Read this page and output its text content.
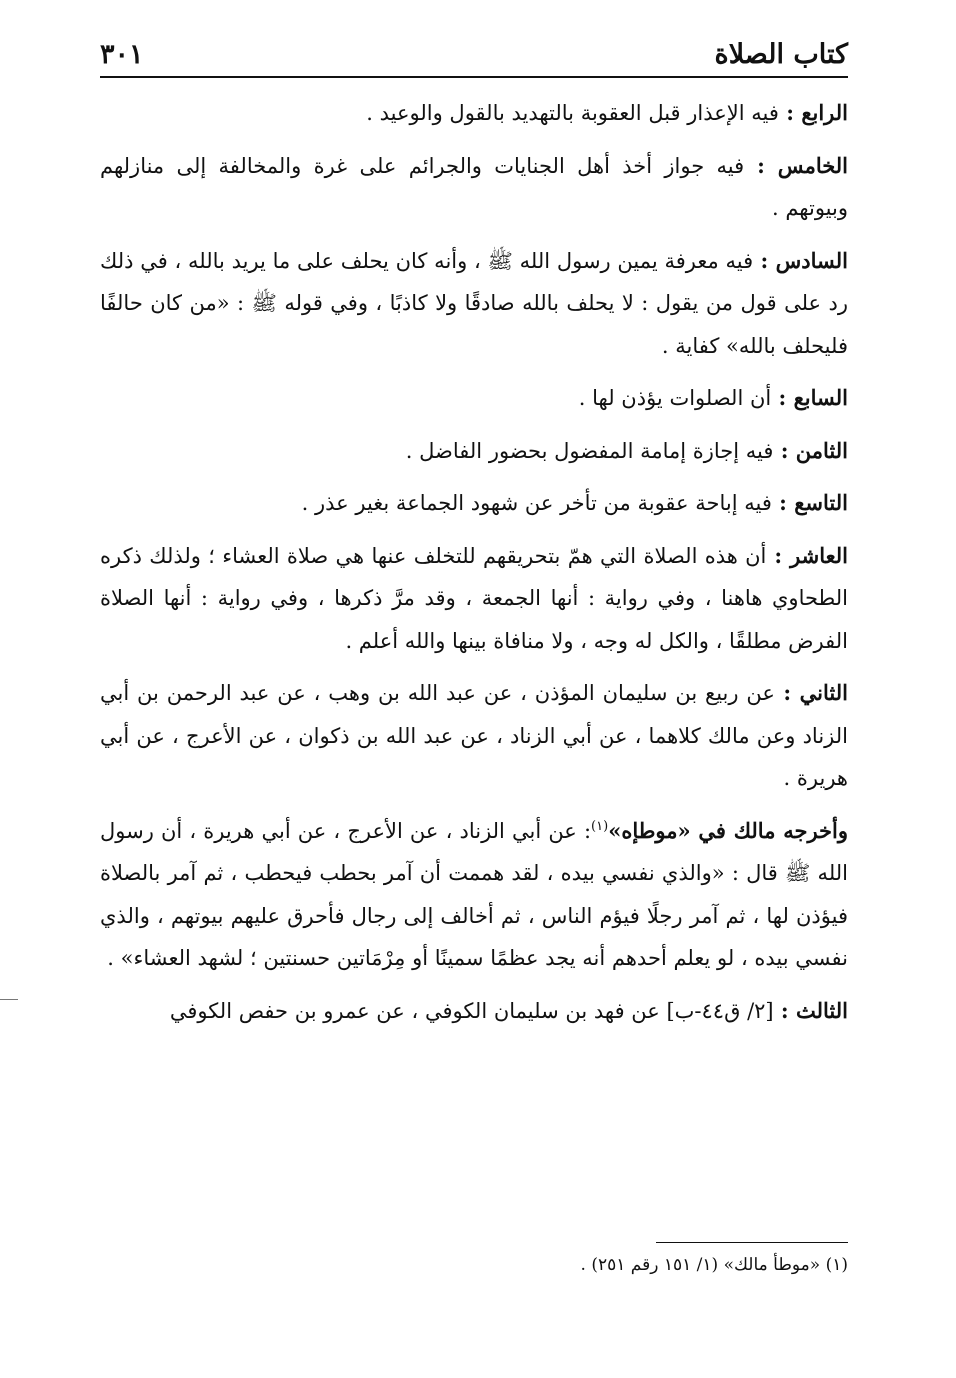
كتاب الصلاة
٣٠١

الرابع : فيه الإعذار قبل العقوبة بالتهديد بالقول والوعيد .

الخامس : فيه جواز أخذ أهل الجنايات والجرائم على غرة والمخالفة إلى منازلهم وبيوتهم .

السادس : فيه معرفة يمين رسول الله ﷺ ، وأنه كان يحلف على ما يريد بالله ، في ذلك رد على قول من يقول : لا يحلف بالله صادقًا ولا كاذبًا ، وفي قوله ﷺ : «من كان حالفًا فليحلف بالله» كفاية .

السابع : أن الصلوات يؤذن لها .

الثامن : فيه إجازة إمامة المفضول بحضور الفاضل .

التاسع : فيه إباحة عقوبة من تأخر عن شهود الجماعة بغير عذر .

العاشر : أن هذه الصلاة التي همّ بتحريقهم للتخلف عنها هي صلاة العشاء ؛ ولذلك ذكره الطحاوي هاهنا ، وفي رواية : أنها الجمعة ، وقد مرَّ ذكرها ، وفي رواية : أنها الصلاة الفرض مطلقًا ، والكل له وجه ، ولا منافاة بينها والله أعلم .

الثاني : عن ربيع بن سليمان المؤذن ، عن عبد الله بن وهب ، عن عبد الرحمن بن أبي الزناد وعن مالك كلاهما ، عن أبي الزناد ، عن عبد الله بن ذكوان ، عن الأعرج ، عن أبي هريرة .

وأخرجه مالك في «موطإه»$^{(١)}$: عن أبي الزناد ، عن الأعرج ، عن أبي هريرة ، أن رسول الله ﷺ قال : «والذي نفسي بيده ، لقد هممت أن آمر بحطب فيحطب ، ثم آمر بالصلاة فيؤذن لها ، ثم آمر رجلًا فيؤم الناس ، ثم أخالف إلى رجال فأحرق عليهم بيوتهم ، والذي نفسي بيده ، لو يعلم أحدهم أنه يجد عظمًا سمينًا أو مِرْمَاتين حسنتين ؛ لشهد العشاء» .

الثالث : [٢/ ق٤٤-ب] عن فهد بن سليمان الكوفي ، عن عمرو بن حفص الكوفي

(١) «موطأ مالك» (١/ ١٥١ رقم ٢٥١) .
